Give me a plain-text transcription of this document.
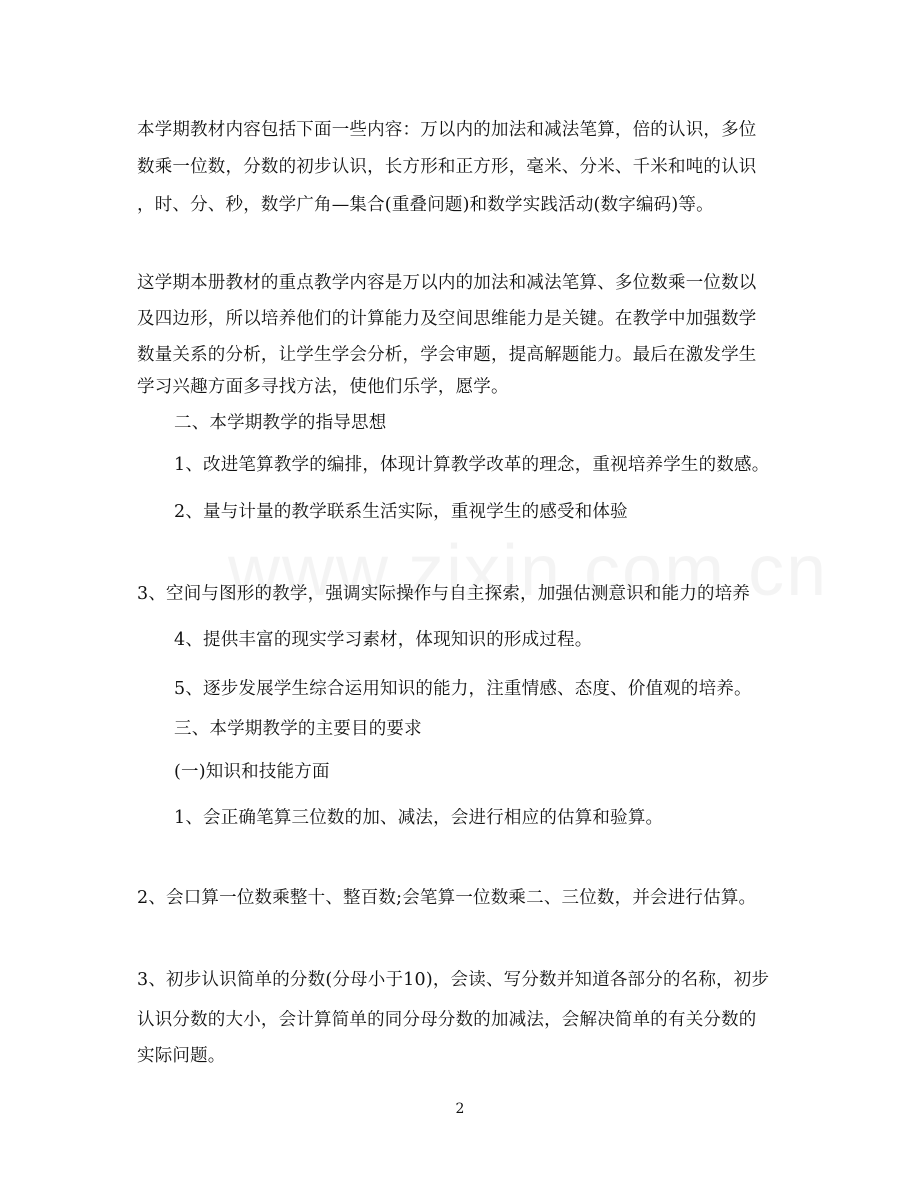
本学期教材内容包括下面一些内容：万以内的加法和减法笔算，倍的认识，多位
数乘一位数，分数的初步认识，长方形和正方形，毫米、分米、千米和吨的认识
，时、分、秒，数学广角—集合(重叠问题)和数学实践活动(数字编码)等。
这学期本册教材的重点教学内容是万以内的加法和减法笔算、多位数乘一位数以
及四边形，所以培养他们的计算能力及空间思维能力是关键。在教学中加强数学
数量关系的分析，让学生学会分析，学会审题，提高解题能力。最后在激发学生
学习兴趣方面多寻找方法，使他们乐学，愿学。
二、本学期教学的指导思想
1、改进笔算教学的编排，体现计算教学改革的理念，重视培养学生的数感。
2、量与计量的教学联系生活实际，重视学生的感受和体验
3、空间与图形的教学，强调实际操作与自主探索，加强估测意识和能力的培养
4、提供丰富的现实学习素材，体现知识的形成过程。
5、逐步发展学生综合运用知识的能力，注重情感、态度、价值观的培养。
三、本学期教学的主要目的要求
(一)知识和技能方面
1、会正确笔算三位数的加、减法，会进行相应的估算和验算。
2、会口算一位数乘整十、整百数;会笔算一位数乘二、三位数，并会进行估算。
3、初步认识简单的分数(分母小于10)，会读、写分数并知道各部分的名称，初步
认识分数的大小，会计算简单的同分母分数的加减法，会解决简单的有关分数的
实际问题。
2
